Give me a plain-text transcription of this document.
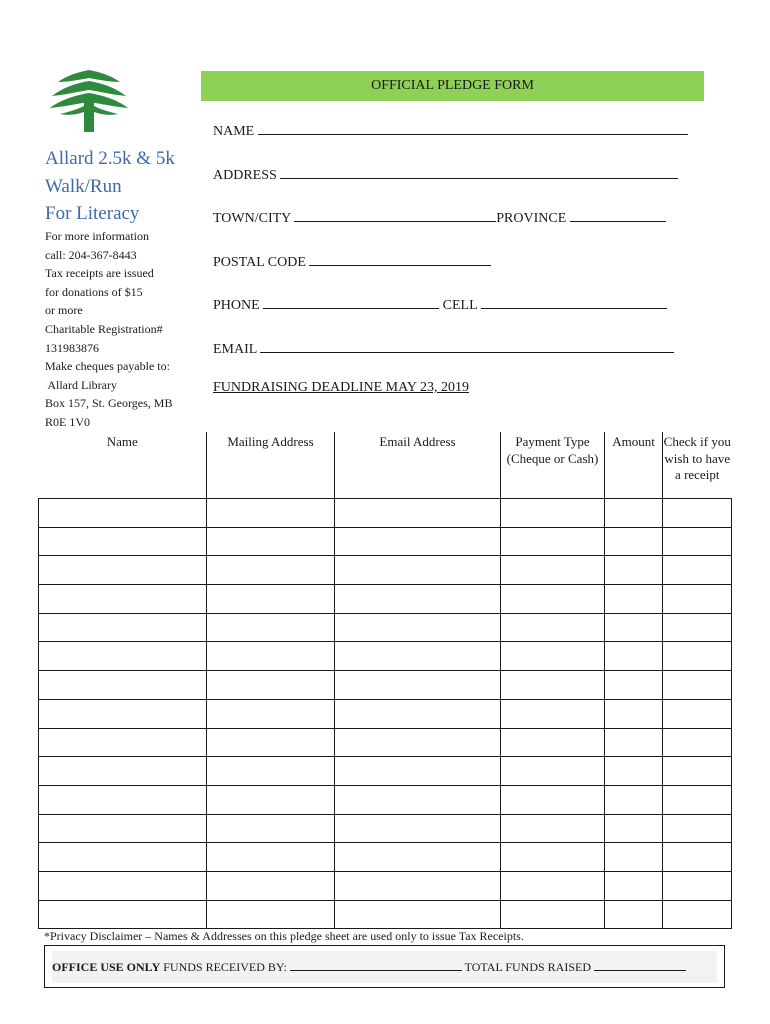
OFFICIAL PLEDGE FORM
Allard 2.5k & 5k
Walk/Run
For Literacy
For more information
call: 204-367-8443
Tax receipts are issued
for donations of $15
or more
Charitable Registration#
131983876
Make cheques payable to:
Allard Library
Box 157, St. Georges, MB
R0E 1V0
NAME
ADDRESS
TOWN/CITY	PROVINCE
POSTAL CODE
PHONE	CELL
EMAIL
FUNDRAISING DEADLINE MAY 23, 2019
Name	Mailing Address	Email Address	Payment Type (Cheque or Cash)	Amount	Check if you wish to have a receipt

*Privacy Disclaimer – Names & Addresses on this pledge sheet are used only to issue Tax Receipts.
OFFICE USE ONLY FUNDS RECEIVED BY:	TOTAL FUNDS RAISED
